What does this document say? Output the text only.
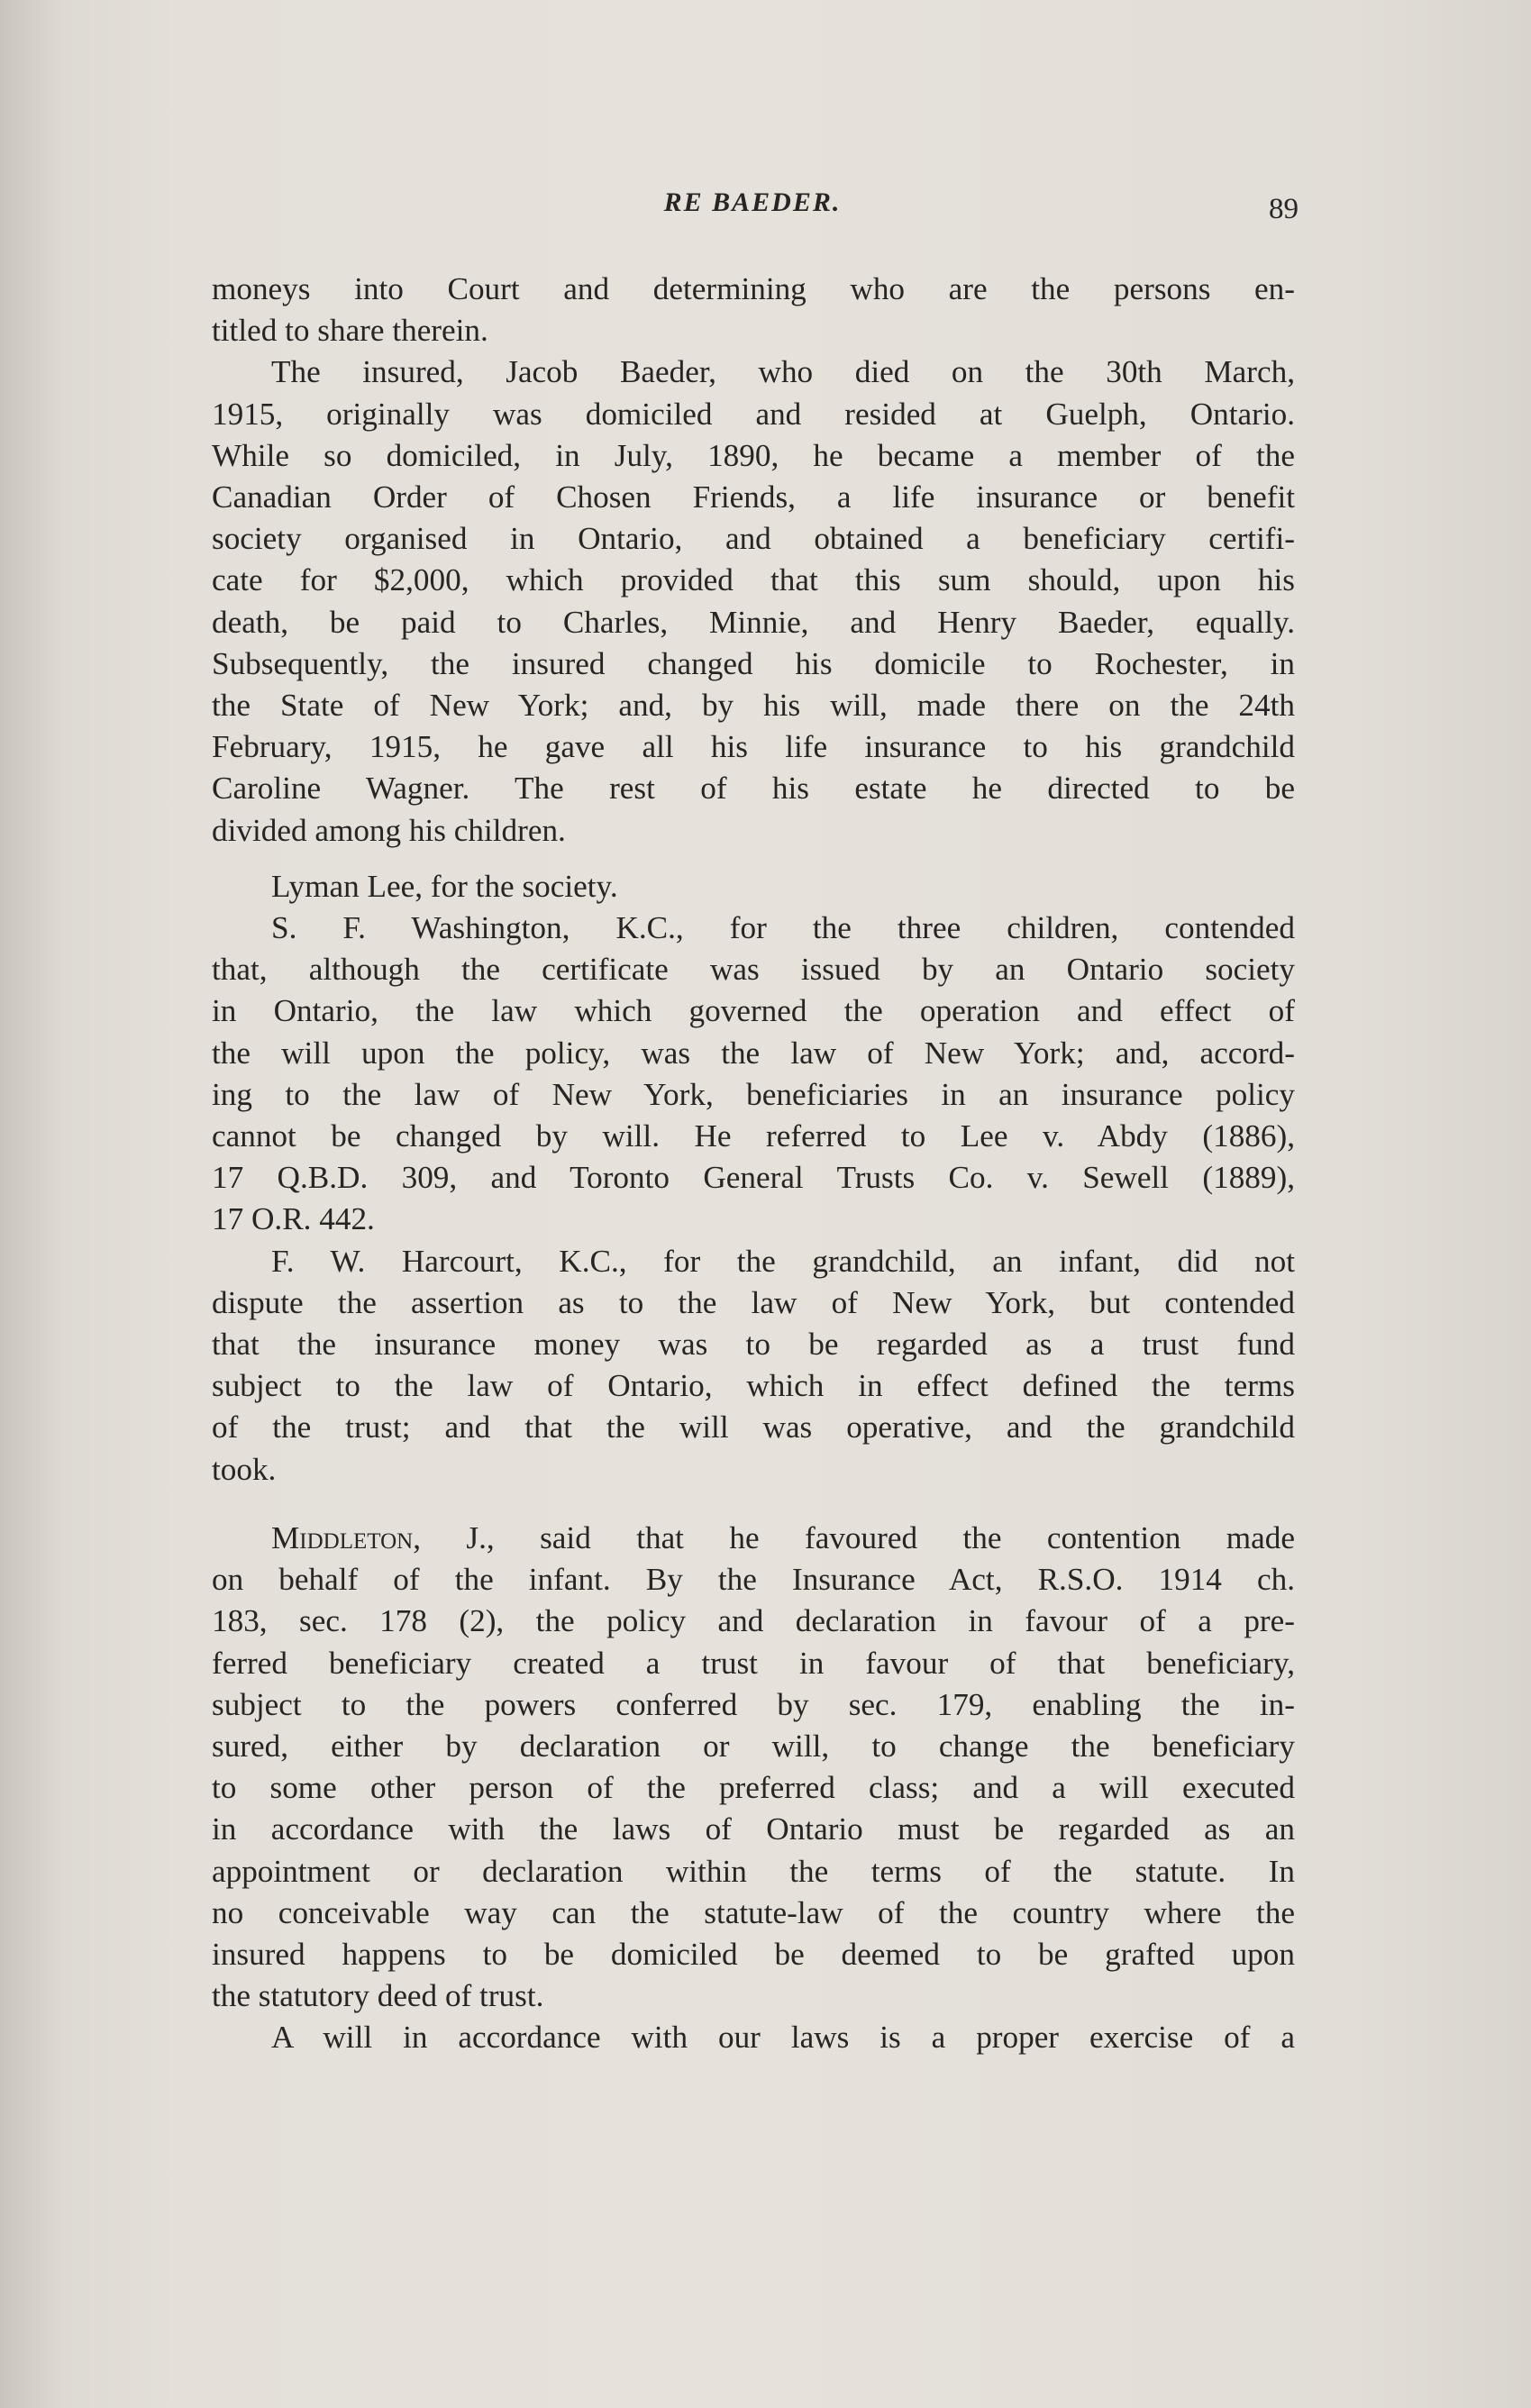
RE BAEDER.	89

moneys into Court and determining who are the persons en-

titled to share therein.

The insured, Jacob Baeder, who died on the 30th March,

1915, originally was domiciled and resided at Guelph, Ontario.

While so domiciled, in July, 1890, he became a member of the

Canadian Order of Chosen Friends, a life insurance or benefit

society organised in Ontario, and obtained a beneficiary certifi-

cate for $2,000, which provided that this sum should, upon his

death, be paid to Charles, Minnie, and Henry Baeder, equally.

Subsequently, the insured changed his domicile to Rochester, in

the State of New York; and, by his will, made there on the 24th

February, 1915, he gave all his life insurance to his grandchild

Caroline Wagner. The rest of his estate he directed to be

divided among his children.

Lyman Lee, for the society.

S. F. Washington, K.C., for the three children, contended

that, although the certificate was issued by an Ontario society

in Ontario, the law which governed the operation and effect of

the will upon the policy, was the law of New York; and, accord-

ing to the law of New York, beneficiaries in an insurance policy

cannot be changed by will. He referred to Lee v. Abdy (1886),

17 Q.B.D. 309, and Toronto General Trusts Co. v. Sewell (1889),

17 O.R. 442.

F. W. Harcourt, K.C., for the grandchild, an infant, did not

dispute the assertion as to the law of New York, but contended

that the insurance money was to be regarded as a trust fund

subject to the law of Ontario, which in effect defined the terms

of the trust; and that the will was operative, and the grandchild

took.

Middleton, J., said that he favoured the contention made

on behalf of the infant. By the Insurance Act, R.S.O. 1914 ch.

183, sec. 178 (2), the policy and declaration in favour of a pre-

ferred beneficiary created a trust in favour of that beneficiary,

subject to the powers conferred by sec. 179, enabling the in-

sured, either by declaration or will, to change the beneficiary

to some other person of the preferred class; and a will executed

in accordance with the laws of Ontario must be regarded as an

appointment or declaration within the terms of the statute. In

no conceivable way can the statute-law of the country where the

insured happens to be domiciled be deemed to be grafted upon

the statutory deed of trust.

A will in accordance with our laws is a proper exercise of a
